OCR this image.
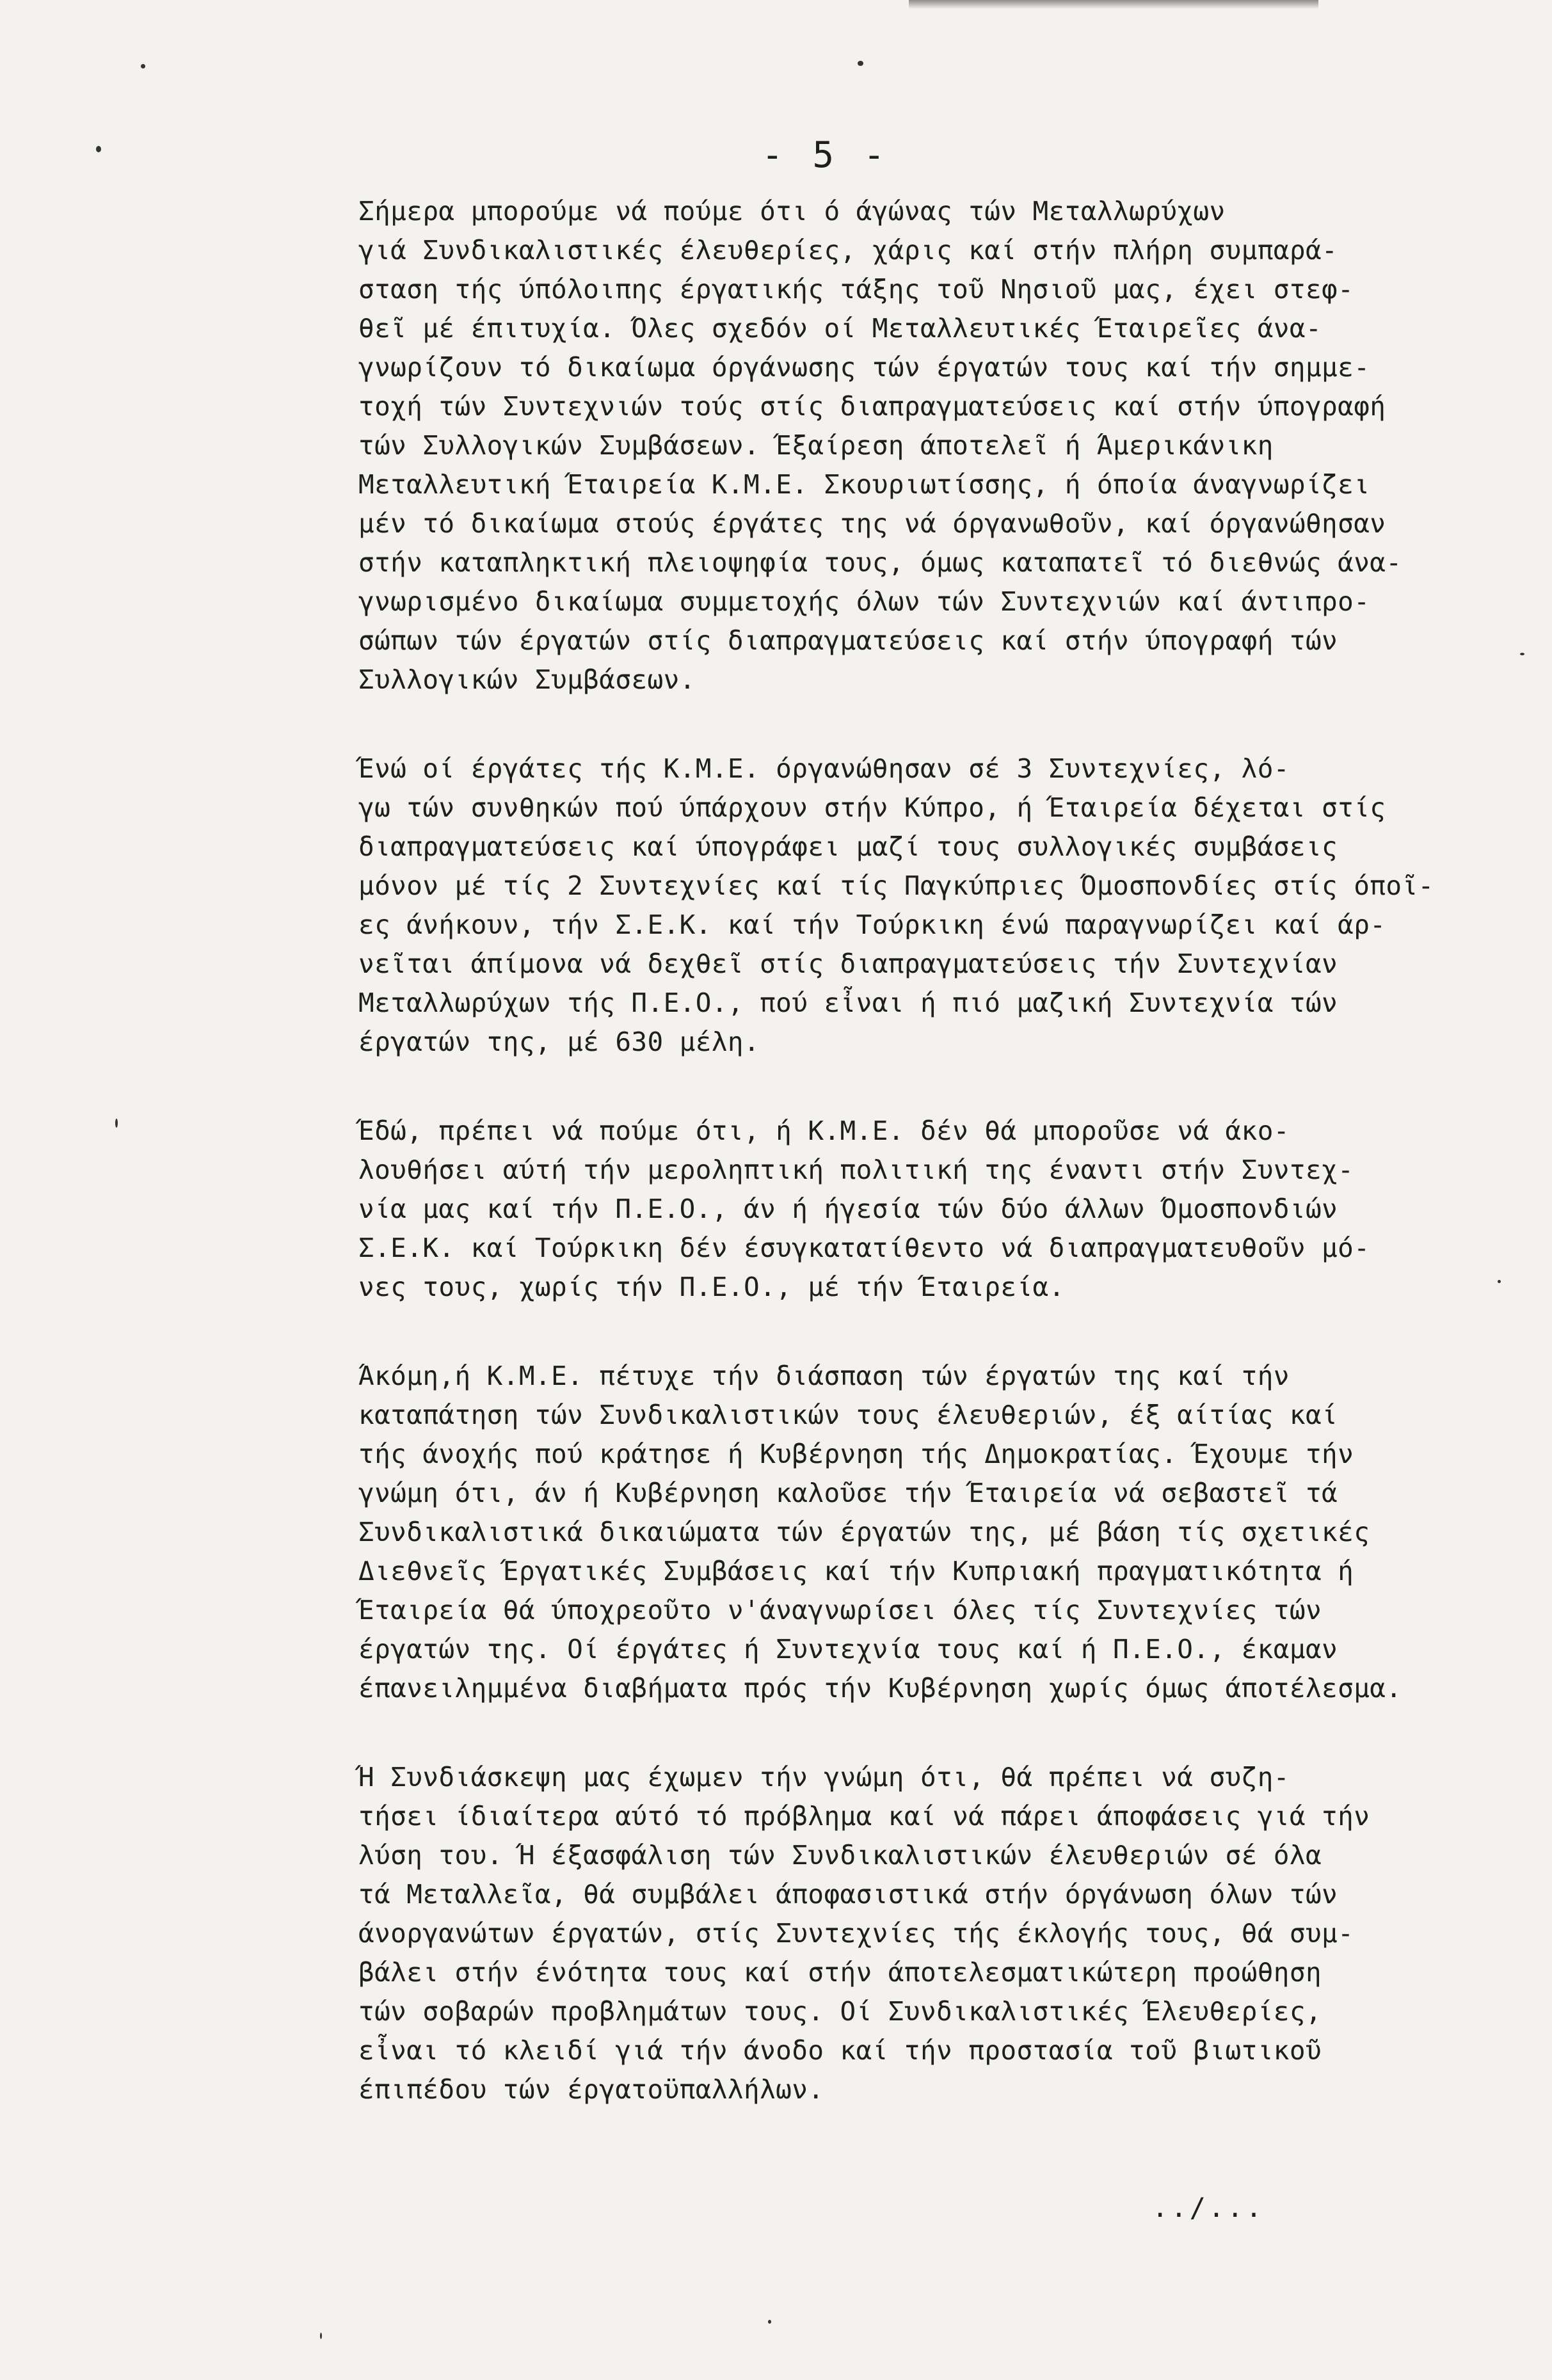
- 5 -
Σήμερα μπορούμε νά πούμε ότι ό άγώνας τών Μεταλλωρύχων
γιά Συνδικαλιστικές έλευθερίες, χάρις καί στήν πλήρη συμπαρά-
σταση τής ύπόλοιπης έργατικής τάξης τοῦ Νησιοῦ μας, έχει στεφ-
θεῖ μέ έπιτυχία. Όλες σχεδόν οί Μεταλλευτικές Έταιρεῖες άνα-
γνωρίζουν τό δικαίωμα όργάνωσης τών έργατών τους καί τήν σημμε-
τοχή τών Συντεχνιών τούς στίς διαπραγματεύσεις καί στήν ύπογραφή
τών Συλλογικών Συμβάσεων. Έξαίρεση άποτελεῖ ή Άμερικάνικη
Μεταλλευτική Έταιρεία Κ.Μ.Ε. Σκουριωτίσσης, ή όποία άναγνωρίζει
μέν τό δικαίωμα στούς έργάτες της νά όργανωθοῦν, καί όργανώθησαν
στήν καταπληκτική πλειοψηφία τους, όμως καταπατεῖ τό διεθνώς άνα-
γνωρισμένο δικαίωμα συμμετοχής όλων τών Συντεχνιών καί άντιπρο-
σώπων τών έργατών στίς διαπραγματεύσεις καί στήν ύπογραφή τών
Συλλογικών Συμβάσεων.
Ένώ οί έργάτες τής Κ.Μ.Ε. όργανώθησαν σέ 3 Συντεχνίες, λό-
γω τών συνθηκών πού ύπάρχουν στήν Κύπρο, ή Έταιρεία δέχεται στίς
διαπραγματεύσεις καί ύπογράφει μαζί τους συλλογικές συμβάσεις
μόνον μέ τίς 2 Συντεχνίες καί τίς Παγκύπριες Όμοσπονδίες στίς όποῖ-
ες άνήκουν, τήν Σ.Ε.Κ. καί τήν Τούρκικη ένώ παραγνωρίζει καί άρ-
νεῖται άπίμονα νά δεχθεῖ στίς διαπραγματεύσεις τήν Συντεχνίαν
Μεταλλωρύχων τής Π.Ε.Ο., πού εἶναι ή πιό μαζική Συντεχνία τών
έργατών της, μέ 630 μέλη.
Έδώ, πρέπει νά πούμε ότι, ή Κ.Μ.Ε. δέν θά μποροῦσε νά άκο-
λουθήσει αύτή τήν μεροληπτική πολιτική της έναντι στήν Συντεχ-
νία μας καί τήν Π.Ε.Ο., άν ή ήγεσία τών δύο άλλων Όμοσπονδιών
Σ.Ε.Κ. καί Τούρκικη δέν έσυγκατατίθεντο νά διαπραγματευθοῦν μό-
νες τους, χωρίς τήν Π.Ε.Ο., μέ τήν Έταιρεία.
Άκόμη,ή Κ.Μ.Ε. πέτυχε τήν διάσπαση τών έργατών της καί τήν
καταπάτηση τών Συνδικαλιστικών τους έλευθεριών, έξ αίτίας καί
τής άνοχής πού κράτησε ή Κυβέρνηση τής Δημοκρατίας. Έχουμε τήν
γνώμη ότι, άν ή Κυβέρνηση καλοῦσε τήν Έταιρεία νά σεβαστεῖ τά
Συνδικαλιστικά δικαιώματα τών έργατών της, μέ βάση τίς σχετικές
Διεθνεῖς Έργατικές Συμβάσεις καί τήν Κυπριακή πραγματικότητα ή
Έταιρεία θά ύποχρεοῦτο ν'άναγνωρίσει όλες τίς Συντεχνίες τών
έργατών της. Οί έργάτες ή Συντεχνία τους καί ή Π.Ε.Ο., έκαμαν
έπανειλημμένα διαβήματα πρός τήν Κυβέρνηση χωρίς όμως άποτέλεσμα.
Ή Συνδιάσκεψη μας έχωμεν τήν γνώμη ότι, θά πρέπει νά συζη-
τήσει ίδιαίτερα αύτό τό πρόβλημα καί νά πάρει άποφάσεις γιά τήν
λύση του. Ή έξασφάλιση τών Συνδικαλιστικών έλευθεριών σέ όλα
τά Μεταλλεῖα, θά συμβάλει άποφασιστικά στήν όργάνωση όλων τών
άνοργανώτων έργατών, στίς Συντεχνίες τής έκλογής τους, θά συμ-
βάλει στήν ένότητα τους καί στήν άποτελεσματικώτερη προώθηση
τών σοβαρών προβλημάτων τους. Οί Συνδικαλιστικές Έλευθερίες,
εἶναι τό κλειδί γιά τήν άνοδο καί τήν προστασία τοῦ βιωτικοῦ
έπιπέδου τών έργατοϋπαλλήλων.
../...
